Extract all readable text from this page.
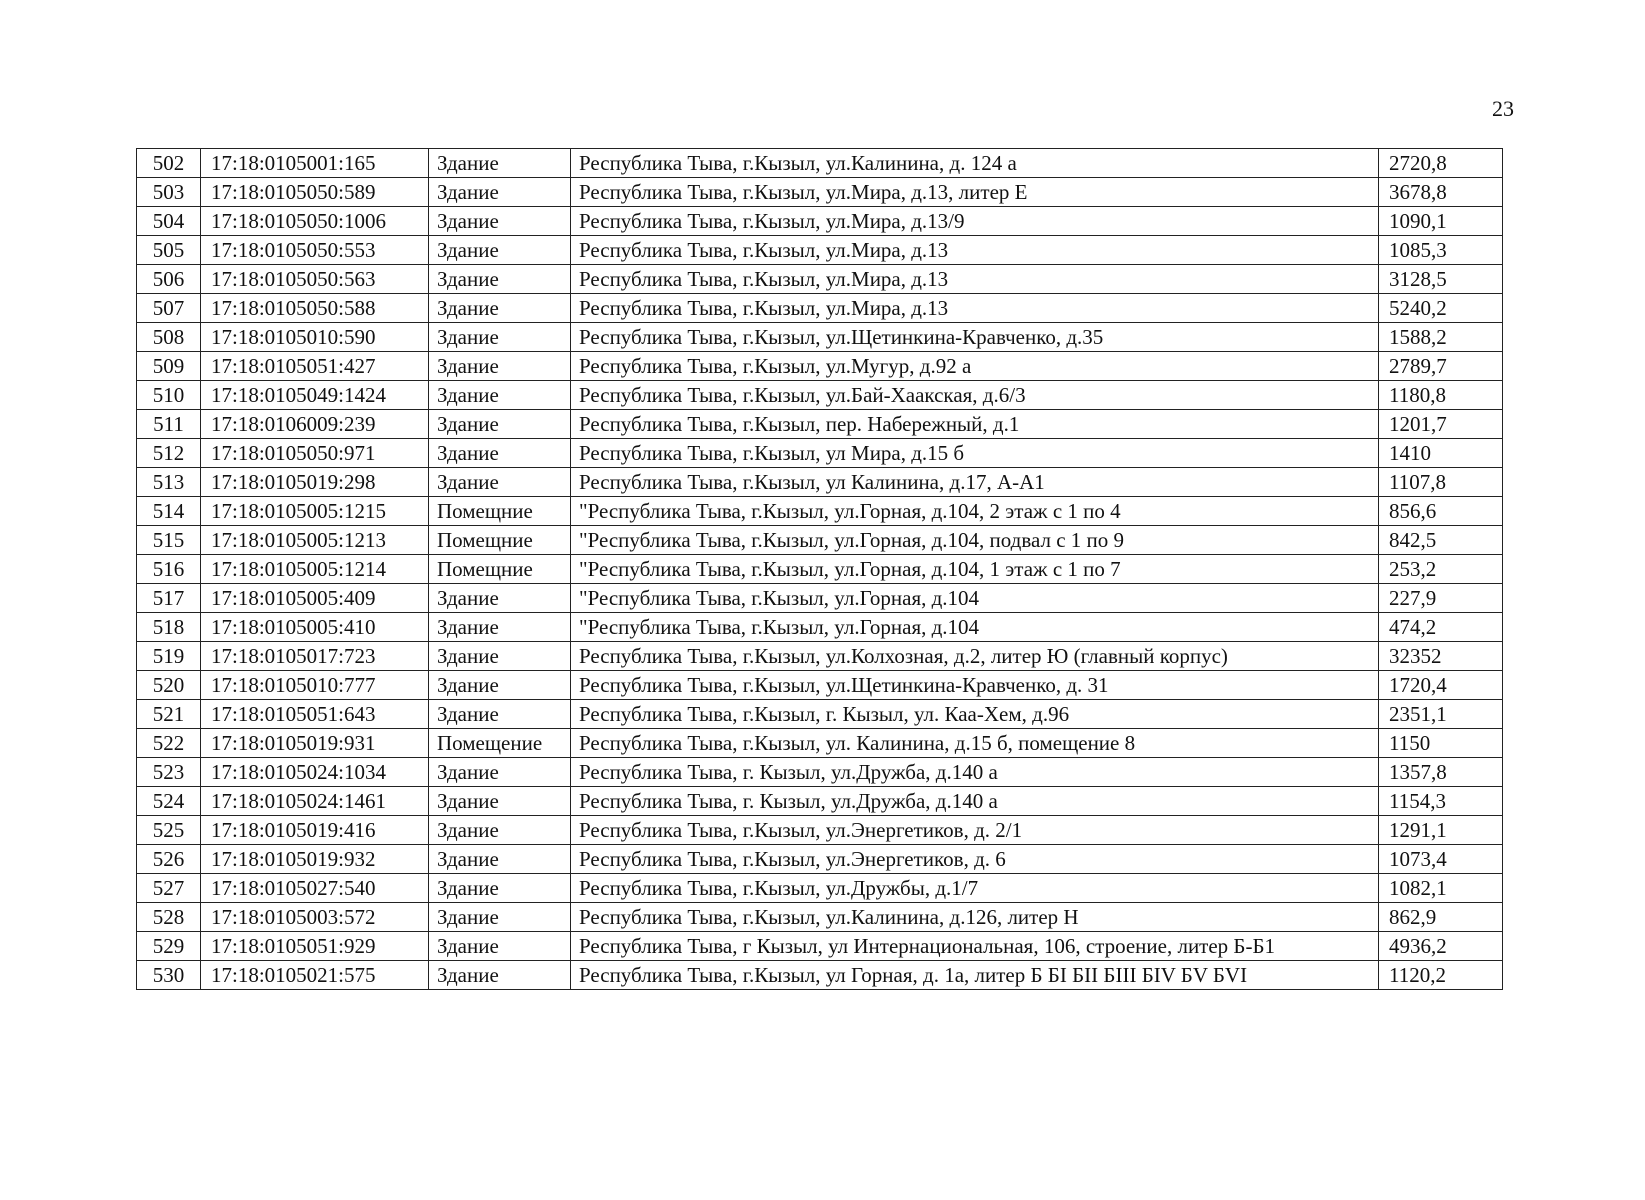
23
502	17:18:0105001:165	Здание	Республика Тыва, г.Кызыл, ул.Калинина, д. 124 а	2720,8
503	17:18:0105050:589	Здание	Республика Тыва, г.Кызыл, ул.Мира, д.13, литер Е	3678,8
504	17:18:0105050:1006	Здание	Республика Тыва, г.Кызыл, ул.Мира, д.13/9	1090,1
505	17:18:0105050:553	Здание	Республика Тыва, г.Кызыл, ул.Мира, д.13	1085,3
506	17:18:0105050:563	Здание	Республика Тыва, г.Кызыл, ул.Мира, д.13	3128,5
507	17:18:0105050:588	Здание	Республика Тыва, г.Кызыл, ул.Мира, д.13	5240,2
508	17:18:0105010:590	Здание	Республика Тыва, г.Кызыл, ул.Щетинкина-Кравченко, д.35	1588,2
509	17:18:0105051:427	Здание	Республика Тыва, г.Кызыл, ул.Мугур, д.92 а	2789,7
510	17:18:0105049:1424	Здание	Республика Тыва, г.Кызыл, ул.Бай-Хаакская, д.6/3	1180,8
511	17:18:0106009:239	Здание	Республика Тыва, г.Кызыл, пер. Набережный, д.1	1201,7
512	17:18:0105050:971	Здание	Республика Тыва, г.Кызыл, ул Мира, д.15 б	1410
513	17:18:0105019:298	Здание	Республика Тыва, г.Кызыл, ул Калинина, д.17, А-А1	1107,8
514	17:18:0105005:1215	Помещние	"Республика Тыва, г.Кызыл, ул.Горная, д.104, 2 этаж с 1 по 4	856,6
515	17:18:0105005:1213	Помещние	"Республика Тыва, г.Кызыл, ул.Горная, д.104, подвал с 1 по 9	842,5
516	17:18:0105005:1214	Помещние	"Республика Тыва, г.Кызыл, ул.Горная, д.104, 1 этаж с 1 по 7	253,2
517	17:18:0105005:409	Здание	"Республика Тыва, г.Кызыл, ул.Горная, д.104	227,9
518	17:18:0105005:410	Здание	"Республика Тыва, г.Кызыл, ул.Горная, д.104	474,2
519	17:18:0105017:723	Здание	Республика Тыва, г.Кызыл, ул.Колхозная, д.2, литер Ю (главный корпус)	32352
520	17:18:0105010:777	Здание	Республика Тыва, г.Кызыл, ул.Щетинкина-Кравченко, д. 31	1720,4
521	17:18:0105051:643	Здание	Республика Тыва, г.Кызыл, г. Кызыл, ул. Каа-Хем, д.96	2351,1
522	17:18:0105019:931	Помещение	Республика Тыва, г.Кызыл, ул. Калинина, д.15 б, помещение 8	1150
523	17:18:0105024:1034	Здание	Республика Тыва, г. Кызыл, ул.Дружба, д.140 а	1357,8
524	17:18:0105024:1461	Здание	Республика Тыва, г. Кызыл, ул.Дружба, д.140 а	1154,3
525	17:18:0105019:416	Здание	Республика Тыва, г.Кызыл, ул.Энергетиков, д. 2/1	1291,1
526	17:18:0105019:932	Здание	Республика Тыва, г.Кызыл, ул.Энергетиков, д. 6	1073,4
527	17:18:0105027:540	Здание	Республика Тыва, г.Кызыл, ул.Дружбы, д.1/7	1082,1
528	17:18:0105003:572	Здание	Республика Тыва, г.Кызыл, ул.Калинина, д.126, литер Н	862,9
529	17:18:0105051:929	Здание	Республика Тыва, г Кызыл, ул Интернациональная, 106, строение, литер Б-Б1	4936,2
530	17:18:0105021:575	Здание	Республика Тыва, г.Кызыл, ул Горная, д. 1а, литер Б БI БII БIII БIV БV БVI	1120,2
